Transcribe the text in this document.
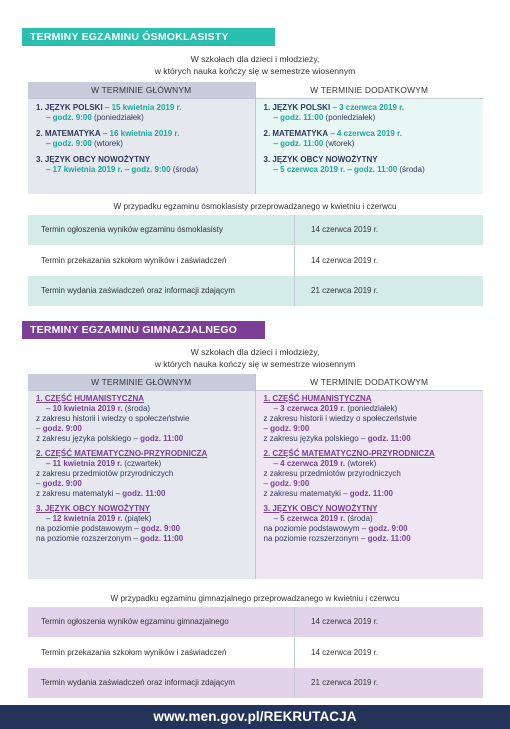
TERMINY EGZAMINU ÓSMOKLASISTY
W szkołach dla dzieci i młodzieży,
w których nauka kończy się w semestrze wiosennym
W TERMINIE GŁÓWNYM
1. JĘZYK POLSKI – 15 kwietnia 2019 r.
– godz. 9:00 (poniedziałek)
2. MATEMATYKA – 16 kwietnia 2019 r.
– godz. 9:00 (wtorek)
3. JĘZYK OBCY NOWOŻYTNY
– 17 kwietnia 2019 r. – godz. 9:00 (środa)
W TERMINIE DODATKOWYM
1. JĘZYK POLSKI – 3 czerwca 2019 r.
– godz. 11:00 (poniedziałek)
2. MATEMATYKA – 4 czerwca 2019 r.
– godz. 11:00 (wtorek)
3. JĘZYK OBCY NOWOŻYTNY
– 5 czerwca 2019 r. – godz. 11:00 (środa)
W przypadku egzaminu ósmoklasisty przeprowadzanego w kwietniu i czerwcu
Termin ogłoszenia wyników egzaminu ósmoklasisty	14 czerwca 2019 r.
Termin przekazania szkołom wyników i zaświadczeń	14 czerwca 2019 r.
Termin wydania zaświadczeń oraz informacji zdającym	21 czerwca 2019 r.
TERMINY EGZAMINU GIMNAZJALNEGO
W szkołach dla dzieci i młodzieży,
w których nauka kończy się w semestrze wiosennym
W TERMINIE GŁÓWNYM
1. CZĘŚĆ HUMANISTYCZNA
– 10 kwietnia 2019 r. (środa)
z zakresu historii i wiedzy o społeczeństwie
– godz. 9:00
z zakresu języka polskiego – godz. 11:00
2. CZĘŚĆ MATEMATYCZNO-PRZYRODNICZA
– 11 kwietnia 2019 r. (czwartek)
z zakresu przedmiotów przyrodniczych
– godz. 9:00
z zakresu matematyki – godz. 11:00
3. JĘZYK OBCY NOWOŻYTNY
– 12 kwietnia 2019 r. (piątek)
na poziomie podstawowym – godz. 9:00
na poziomie rozszerzonym – godz. 11:00
W TERMINIE DODATKOWYM
1. CZĘŚĆ HUMANISTYCZNA
– 3 czerwca 2019 r. (poniedziałek)
z zakresu historii i wiedzy o społeczeństwie
– godz. 9:00
z zakresu języka polskiego – godz. 11:00
2. CZĘŚĆ MATEMATYCZNO-PRZYRODNICZA
– 4 czerwca 2019 r. (wtorek)
z zakresu przedmiotów przyrodniczych
– godz. 9:00
z zakresu matematyki – godz. 11:00
3. JĘZYK OBCY NOWOŻYTNY
– 5 czerwca 2019 r. (środa)
na poziomie podstawowym – godz. 9:00
na poziomie rozszerzonym – godz. 11:00
W przypadku egzaminu gimnazjalnego przeprowadzanego w kwietniu i czerwcu
Termin ogłoszenia wyników egzaminu gimnazjalnego	14 czerwca 2019 r.
Termin przekazania szkołom wyników i zaświadczeń	14 czerwca 2019 r.
Termin wydania zaświadczeń oraz informacji zdającym	21 czerwca 2019 r.
www.men.gov.pl/REKRUTACJA
